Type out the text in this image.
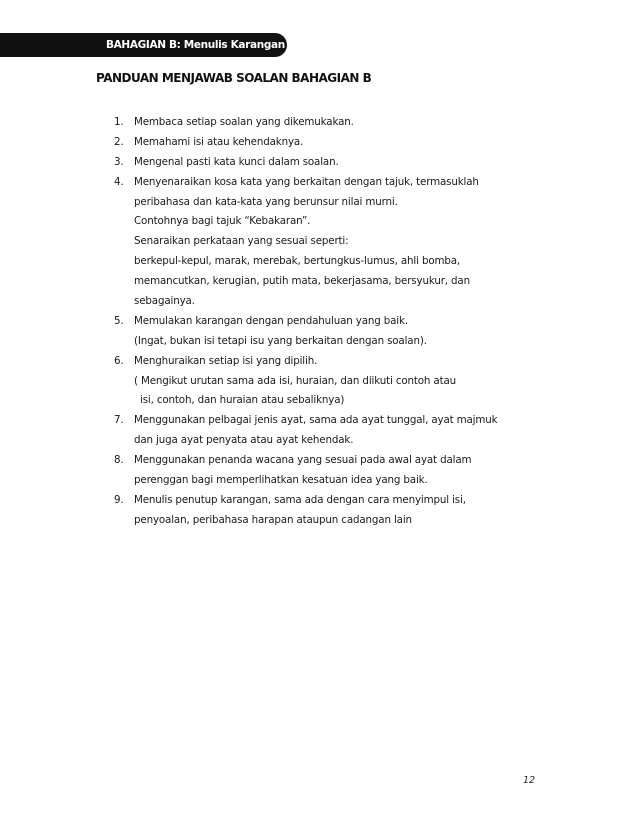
BAHAGIAN B: Menulis Karangan
PANDUAN MENJAWAB SOALAN BAHAGIAN B
1. Membaca setiap soalan yang dikemukakan.
2. Memahami isi atau kehendaknya.
3. Mengenal pasti kata kunci dalam soalan.
4. Menyenaraikan kosa kata yang berkaitan dengan tajuk, termasuklah
peribahasa dan kata-kata yang berunsur nilai murni.
Contohnya bagi tajuk “Kebakaran”.
Senaraikan perkataan yang sesuai seperti:
berkepul-kepul, marak, merebak, bertungkus-lumus, ahli bomba,
memancutkan, kerugian, putih mata, bekerjasama, bersyukur, dan
sebagainya.
5. Memulakan karangan dengan pendahuluan yang baik.
(Ingat, bukan isi tetapi isu yang berkaitan dengan soalan).
6. Menghuraikan setiap isi yang dipilih.
( Mengikut urutan sama ada isi, huraian, dan diikuti contoh atau
isi, contoh, dan huraian atau sebaliknya)
7. Menggunakan pelbagai jenis ayat, sama ada ayat tunggal, ayat majmuk
dan juga ayat penyata atau ayat kehendak.
8. Menggunakan penanda wacana yang sesuai pada awal ayat dalam
perenggan bagi memperlihatkan kesatuan idea yang baik.
9. Menulis penutup karangan, sama ada dengan cara menyimpul isi,
penyoalan, peribahasa harapan ataupun cadangan lain
12
